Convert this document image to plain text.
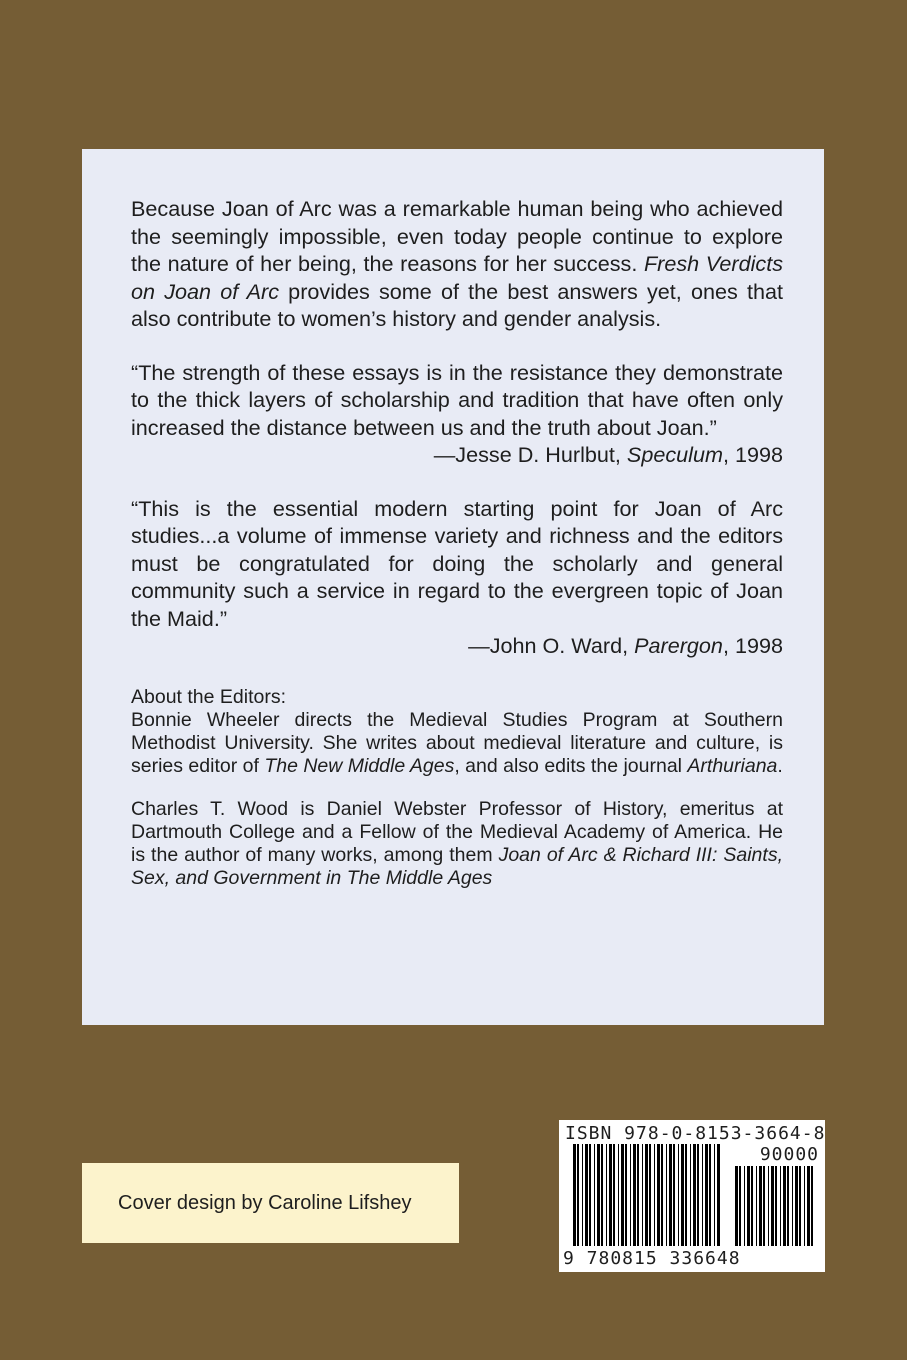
Because Joan of Arc was a remarkable human being who achieved the seemingly impossible, even today people continue to explore the nature of her being, the reasons for her success. Fresh Verdicts on Joan of Arc provides some of the best answers yet, ones that also contribute to women’s history and gender analysis.

“The strength of these essays is in the resistance they demonstrate to the thick layers of scholarship and tradition that have often only increased the distance between us and the truth about Joan.”

—Jesse D. Hurlbut, Speculum, 1998

“This is the essential modern starting point for Joan of Arc studies...a volume of immense variety and richness and the editors must be congratulated for doing the scholarly and general community such a service in regard to the evergreen topic of Joan the Maid.”

—John O. Ward, Parergon, 1998

About the Editors:

Bonnie Wheeler directs the Medieval Studies Program at Southern Methodist University. She writes about medieval literature and culture, is series editor of The New Middle Ages, and also edits the journal Arthuriana.

Charles T. Wood is Daniel Webster Professor of History, emeritus at Dartmouth College and a Fellow of the Medieval Academy of America. He is the author of many works, among them Joan of Arc & Richard III: Saints, Sex, and Government in The Middle Ages

Cover design by Caroline Lifshey
ISBN 978-0-8153-3664-8
90000
9 780815 336648
